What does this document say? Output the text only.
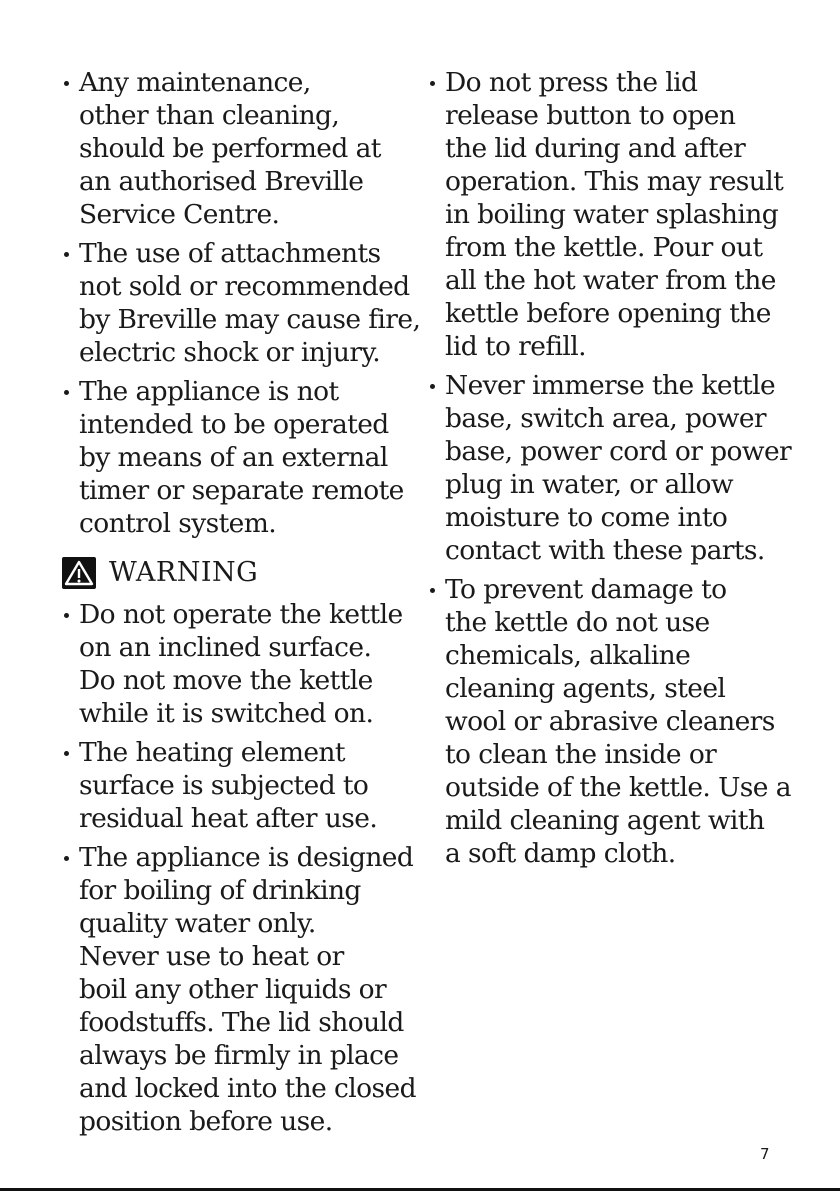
Any maintenance,
other than cleaning,
should be performed at
an authorised Breville
Service Centre.
The use of attachments
not sold or recommended
by Breville may cause fire,
electric shock or injury.
The appliance is not
intended to be operated
by means of an external
timer or separate remote
control system.
WARNING
Do not operate the kettle
on an inclined surface.
Do not move the kettle
while it is switched on.
The heating element
surface is subjected to
residual heat after use.
The appliance is designed
for boiling of drinking
quality water only.
Never use to heat or
boil any other liquids or
foodstuffs. The lid should
always be firmly in place
and locked into the closed
position before use.
Do not press the lid
release button to open
the lid during and after
operation. This may result
in boiling water splashing
from the kettle. Pour out
all the hot water from the
kettle before opening the
lid to refill.
Never immerse the kettle
base, switch area, power
base, power cord or power
plug in water, or allow
moisture to come into
contact with these parts.
To prevent damage to
the kettle do not use
chemicals, alkaline
cleaning agents, steel
wool or abrasive cleaners
to clean the inside or
outside of the kettle. Use a
mild cleaning agent with
a soft damp cloth.
7
